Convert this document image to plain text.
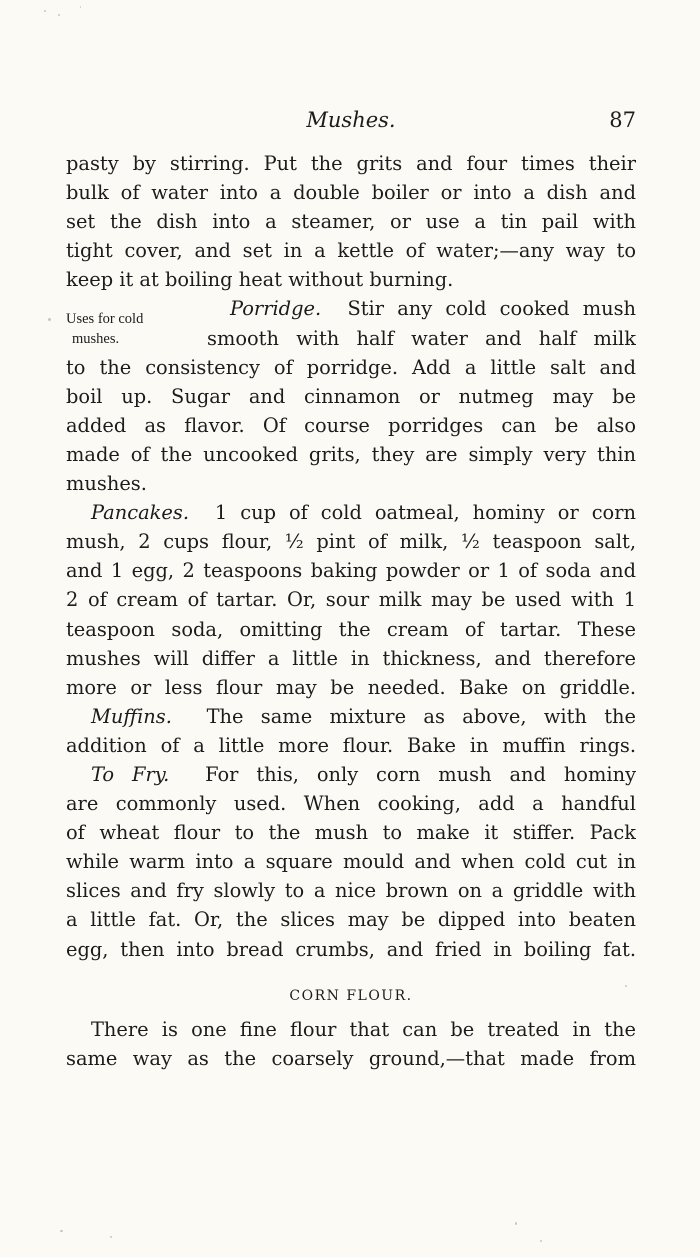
Mushes.	87
Uses for cold
mushes.
pasty by stirring. Put the grits and four times their
bulk of water into a double boiler or into a dish and
set the dish into a steamer, or use a tin pail with
tight cover, and set in a kettle of water;—any way to
keep it at boiling heat without burning.
Porridge. Stir any cold cooked mush
smooth with half water and half milk
to the consistency of porridge. Add a little salt and
boil up. Sugar and cinnamon or nutmeg may be
added as flavor. Of course porridges can be also
made of the uncooked grits, they are simply very thin
mushes.
Pancakes. 1 cup of cold oatmeal, hominy or corn
mush, 2 cups flour, ½ pint of milk, ½ teaspoon salt,
and 1 egg, 2 teaspoons baking powder or 1 of soda and
2 of cream of tartar. Or, sour milk may be used with 1
teaspoon soda, omitting the cream of tartar. These
mushes will differ a little in thickness, and therefore
more or less flour may be needed. Bake on griddle.
Muffins. The same mixture as above, with the
addition of a little more flour. Bake in muffin rings.
To Fry. For this, only corn mush and hominy
are commonly used. When cooking, add a handful
of wheat flour to the mush to make it stiffer. Pack
while warm into a square mould and when cold cut in
slices and fry slowly to a nice brown on a griddle with
a little fat. Or, the slices may be dipped into beaten
egg, then into bread crumbs, and fried in boiling fat.
CORN FLOUR.
There is one fine flour that can be treated in the
same way as the coarsely ground,—that made from
